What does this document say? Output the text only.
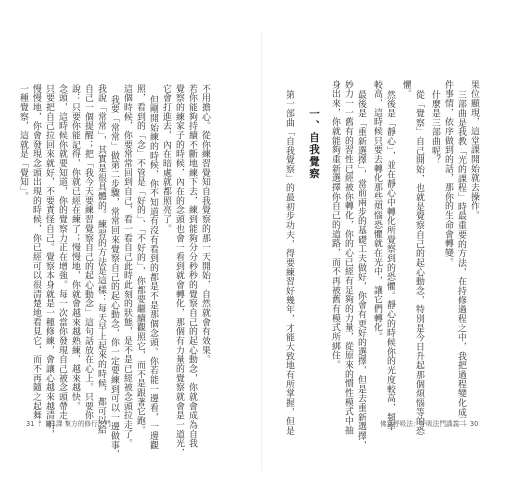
不用擔心。從你練習覺知自我覺察的那一天開始，自然就會有效果。
若你能夠持續不斷地練下去，練到能夠分分秒秒的覺察自己的起心動念，你就會成為自我
覺察的練家子的時候，內在的念頭也會一看到就會轉化，那個有力量的覺察就會是一道光，
它會打進去，內在暗處就都照亮了。
但剛開始練的時候，你不知道有沒有看到的都是不是那個念頭。你若能一邊看，一邊觀
照，看到的「念」不管是「好的」、「不好的」，你都要繼續觀照它，而不是跟著它跑。
這個時候，你要常常回到自己，看一看自己此時此刻的狀態，是不是已經被念頭拉走了。
我要「常常」做第二步驟，常常回來覺察自己的起心動念，你一定要練到可以一邊做事，
我說「常常」，其實是很具體的。練習的方法是這樣：每天早上起來的時候，都可以給
自己一個提醒；把「我今天要練習覺察自己的起心動念」這句話放在心上。只要你
說：只要你能記得，你就已經在練了；慢慢地，你就會越來越熟練，越來越快。
念頭，這時候你就要知道，你的覺察力正在增強。每一次當你發現自己被念頭帶走，
只要把自己拉回來就好，不要責怪自己。覺察本身就是一種修練，會讓心越來越清明，
慢慢地，你會發現念頭出現的時候，你已經可以很清楚地看見它，而不再隨之起舞。
一種覺察，這就是「覺知」。
31 ｜ 第1課 東方的修行法門
果位顯現，這堂課開始就去操作。
三部曲是我教「光的課程」時最重要的方法，在持修過程之中，我把過程變化成三
件事情，依序做到的話，那你的生命會轉變。
什麼是三部曲呢？
從「覺察」自己開始，也就是覺察自己的起心動念，特別是今日升起那個煩惱等的恐
懼。
然後是「靜心」，並在靜心中轉化所覺察到的恐懼。靜心的時候你的光度較高，頻率
較高，這時候只要去轉化那些煩惱恐懼就在光中，讓它們轉化。
最後是「重新選擇」，當前兩步的基礎工夫做好，你會有更好的選擇，但是去重新選擇，
妙力一一舊有的習性已經被你轉化，你的心已經有足夠的力量，從原來的慣性模式中抽
身出來，你就能夠重新選擇你自己的道路，而不再被舊有模式所綁住。
一、自我覺察
第一部曲「自我覺察」的最初步功夫，得要練習好幾年，才能大致地有所掌握，但是	佛系呼吸法：呼吸法門講義 ｜ 30
